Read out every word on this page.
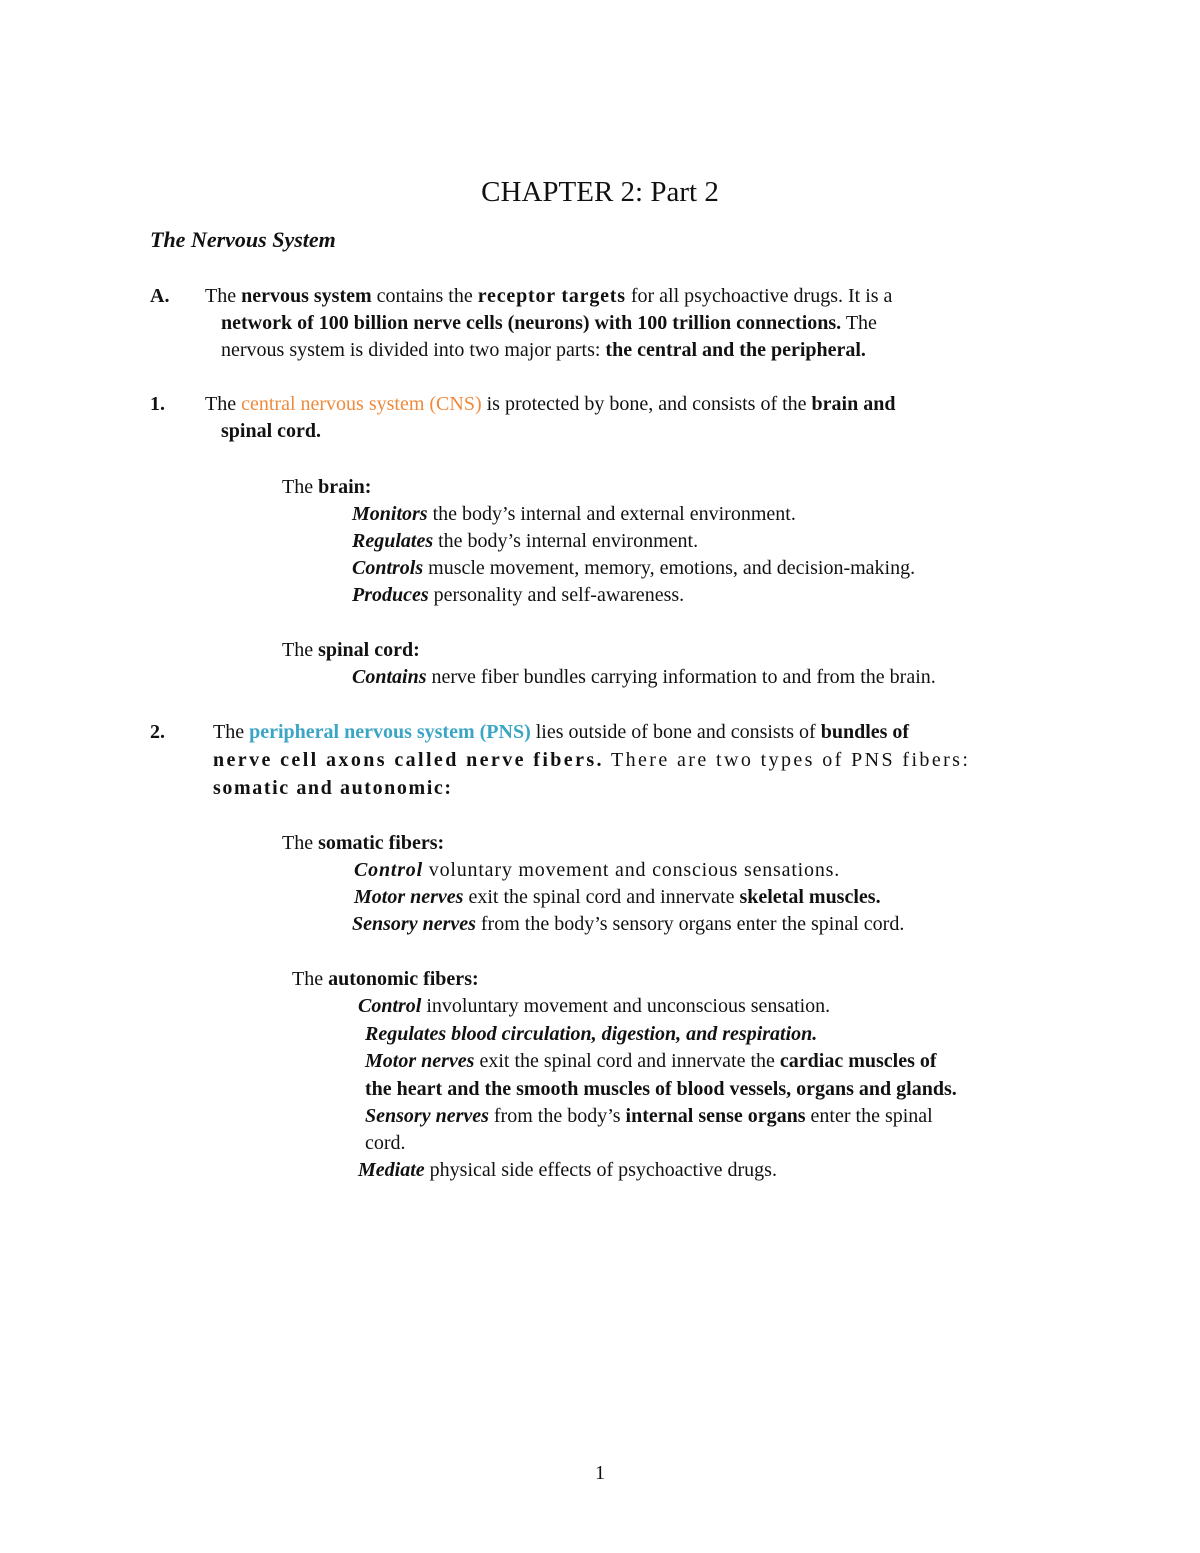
CHAPTER 2: Part 2
The Nervous System
A. The nervous system contains the receptor targets for all psychoactive drugs. It is a
network of 100 billion nerve cells (neurons) with 100 trillion connections. The
nervous system is divided into two major parts: the central and the peripheral.
1. The central nervous system (CNS) is protected by bone, and consists of the brain and
spinal cord.
The brain:
Monitors the body’s internal and external environment.
Regulates the body’s internal environment.
Controls muscle movement, memory, emotions, and decision-making.
Produces personality and self-awareness.
The spinal cord:
Contains nerve fiber bundles carrying information to and from the brain.
2. The peripheral nervous system (PNS) lies outside of bone and consists of bundles of
nerve cell axons called nerve fibers. There are two types of PNS fibers:
somatic and autonomic:
The somatic fibers:
Control voluntary movement and conscious sensations.
Motor nerves exit the spinal cord and innervate skeletal muscles.
Sensory nerves from the body’s sensory organs enter the spinal cord.
The autonomic fibers:
Control involuntary movement and unconscious sensation.
Regulates blood circulation, digestion, and respiration.
Motor nerves exit the spinal cord and innervate the cardiac muscles of
the heart and the smooth muscles of blood vessels, organs and glands.
Sensory nerves from the body’s internal sense organs enter the spinal
cord.
Mediate physical side effects of psychoactive drugs.
1
